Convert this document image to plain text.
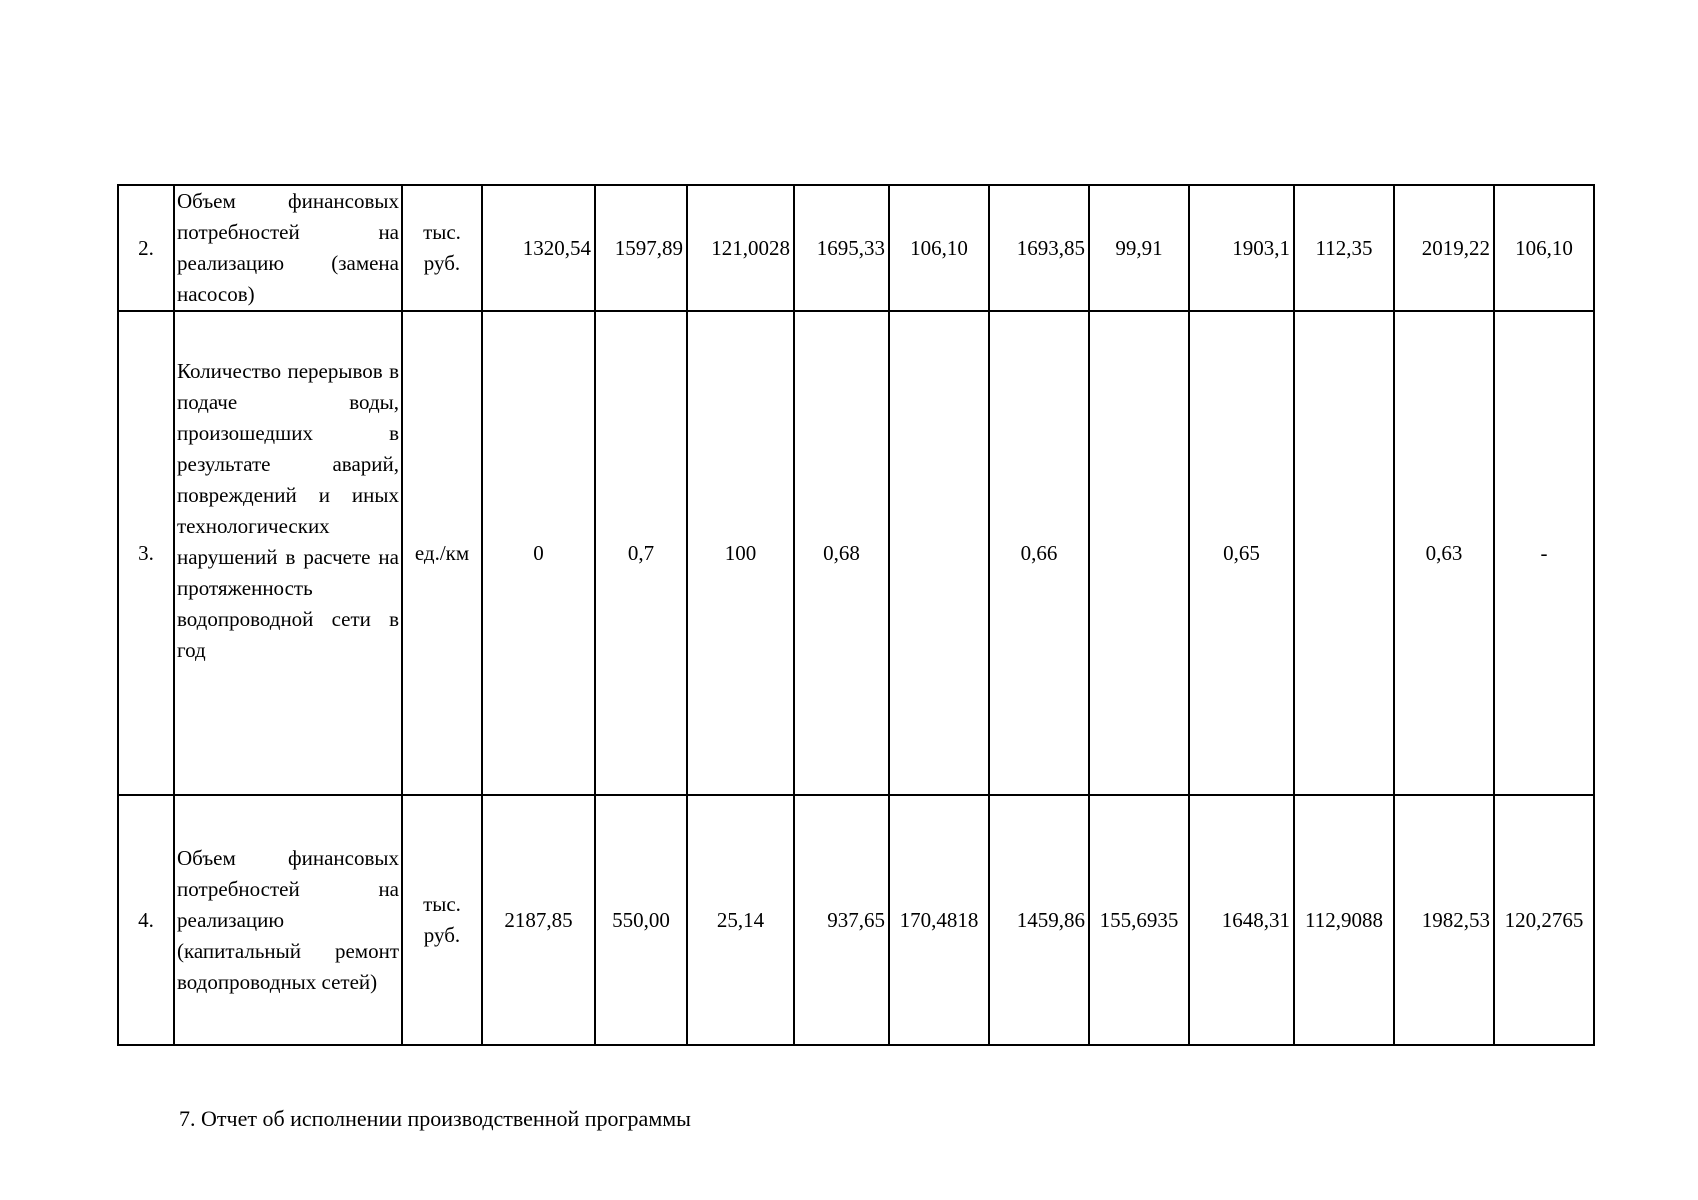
2.	Объем финансовых потребностей на реализацию (замена насосов)	тыс. руб.	1320,54	1597,89	121,0028	1695,33	106,10	1693,85	99,91	1903,1	112,35	2019,22	106,10
3.	Количество перерывов в подаче воды, произошедших в результате аварий, повреждений и иных технологических нарушений в расчете на протяженность водопроводной сети в год	ед./км	0	0,7	100	0,68		0,66		0,65		0,63	-
4.	Объем финансовых потребностей на реализацию (капитальный ремонт водопроводных сетей)	тыс. руб.	2187,85	550,00	25,14	937,65	170,4818	1459,86	155,6935	1648,31	112,9088	1982,53	120,2765

7. Отчет об исполнении производственной программы
